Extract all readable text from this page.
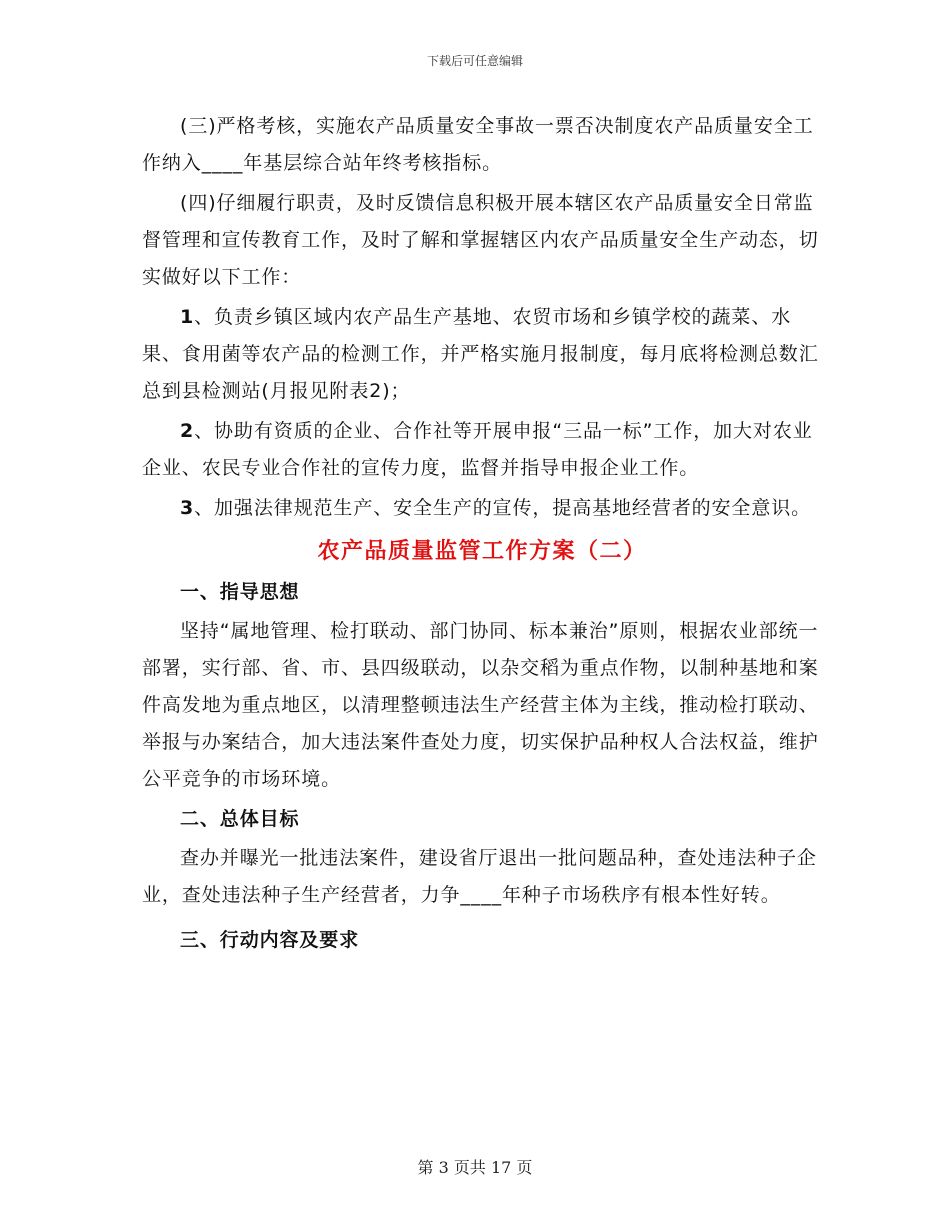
下载后可任意编辑

(三)严格考核，实施农产品质量安全事故一票否决制度农产品质量安全工作纳入____年基层综合站年终考核指标。

(四)仔细履行职责，及时反馈信息积极开展本辖区农产品质量安全日常监督管理和宣传教育工作，及时了解和掌握辖区内农产品质量安全生产动态，切实做好以下工作：

1、负责乡镇区域内农产品生产基地、农贸市场和乡镇学校的蔬菜、水果、食用菌等农产品的检测工作，并严格实施月报制度，每月底将检测总数汇总到县检测站(月报见附表2)；

2、协助有资质的企业、合作社等开展申报“三品一标”工作，加大对农业企业、农民专业合作社的宣传力度，监督并指导申报企业工作。

3、加强法律规范生产、安全生产的宣传，提高基地经营者的安全意识。

农产品质量监管工作方案（二）
一、指导思想

坚持“属地管理、检打联动、部门协同、标本兼治”原则，根据农业部统一部署，实行部、省、市、县四级联动，以杂交稻为重点作物，以制种基地和案件高发地为重点地区，以清理整顿违法生产经营主体为主线，推动检打联动、举报与办案结合，加大违法案件查处力度，切实保护品种权人合法权益，维护公平竞争的市场环境。

二、总体目标

查办并曝光一批违法案件，建设省厅退出一批问题品种，查处违法种子企业，查处违法种子生产经营者，力争____年种子市场秩序有根本性好转。

三、行动内容及要求
第 3 页共 17 页
